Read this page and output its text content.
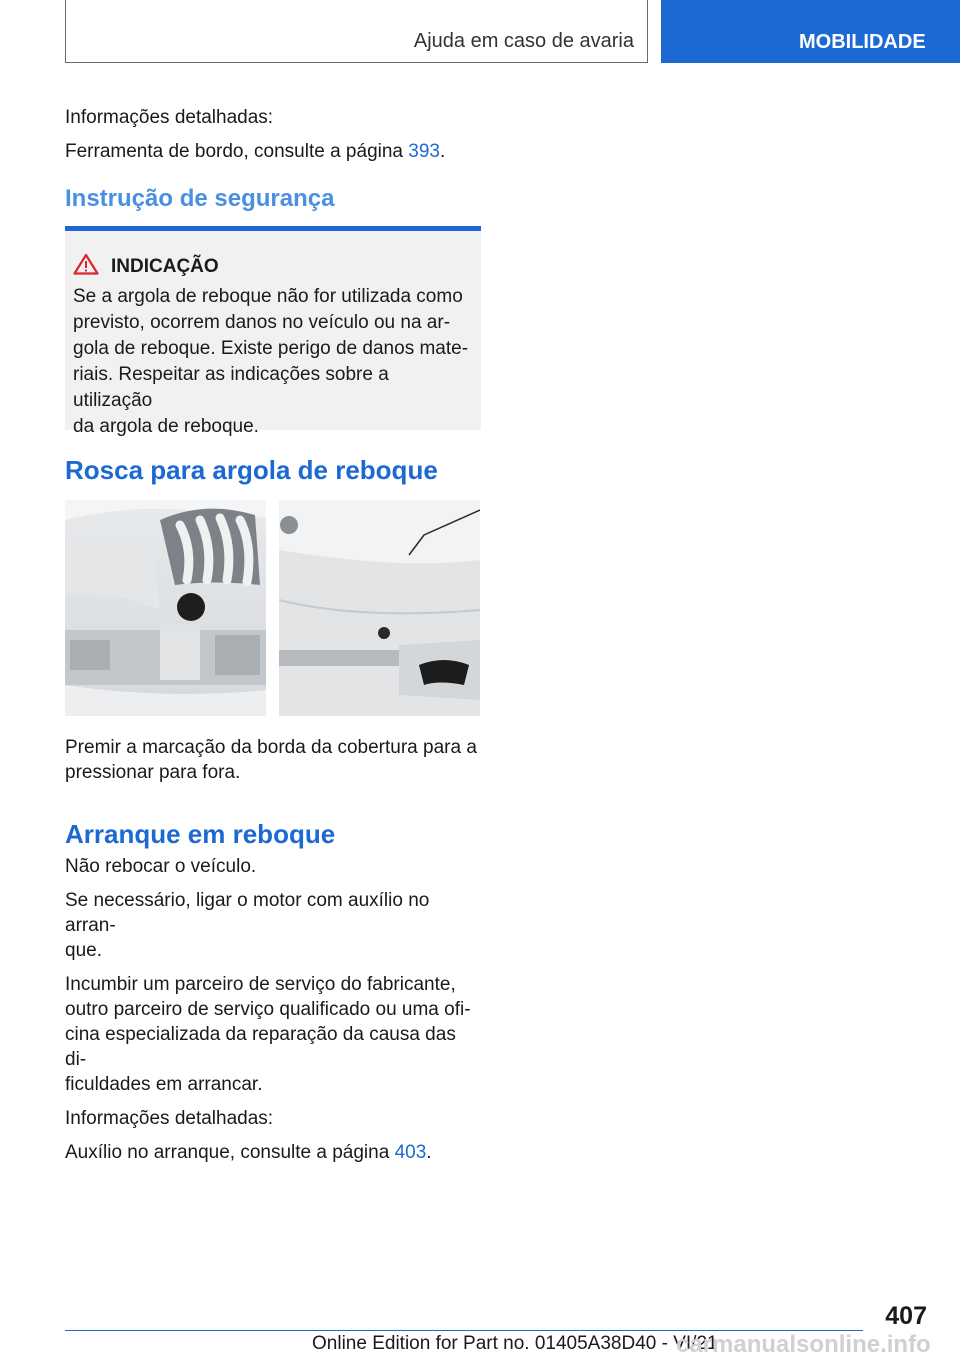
Ajuda em caso de avaria	MOBILIDADE

Informações detalhadas:

Ferramenta de bordo, consulte a página 393.

Instrução de segurança
INDICAÇÃO

Se a argola de reboque não for utilizada como

previsto, ocorrem danos no veículo ou na ar-

gola de reboque. Existe perigo de danos mate-

riais. Respeitar as indicações sobre a utilização

da argola de reboque.

Rosca para argola de reboque

Premir a marcação da borda da cobertura para a

pressionar para fora.

Arranque em reboque

Não rebocar o veículo.

Se necessário, ligar o motor com auxílio no arran-

que.

Incumbir um parceiro de serviço do fabricante,

outro parceiro de serviço qualificado ou uma ofi-

cina especializada da reparação da causa das di-

ficuldades em arrancar.

Informações detalhadas:

Auxílio no arranque, consulte a página 403.

407
Online Edition for Part no. 01405A38D40 - VI/21
carmanualsonline.info
